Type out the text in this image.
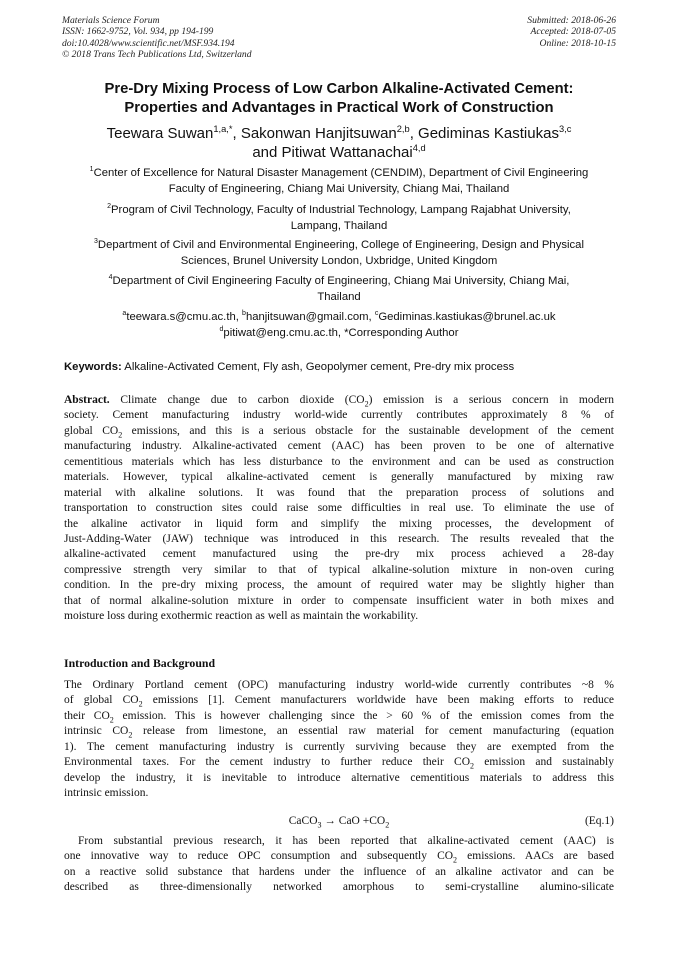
Materials Science Forum
ISSN: 1662-9752, Vol. 934, pp 194-199
doi:10.4028/www.scientific.net/MSF.934.194
© 2018 Trans Tech Publications Ltd, Switzerland
Submitted: 2018-06-26
Accepted: 2018-07-05
Online: 2018-10-15
Pre-Dry Mixing Process of Low Carbon Alkaline-Activated Cement:
Properties and Advantages in Practical Work of Construction
Teewara Suwan$^{1,a,*}$, Sakonwan Hanjitsuwan$^{2,b}$, Gediminas Kastiukas$^{3,c}$
and Pitiwat Wattanachai$^{4,d}$
$^1$Center of Excellence for Natural Disaster Management (CENDIM), Department of Civil Engineering
Faculty of Engineering, Chiang Mai University, Chiang Mai, Thailand
$^2$Program of Civil Technology, Faculty of Industrial Technology, Lampang Rajabhat University,
Lampang, Thailand
$^3$Department of Civil and Environmental Engineering, College of Engineering, Design and Physical
Sciences, Brunel University London, Uxbridge, United Kingdom
$^4$Department of Civil Engineering Faculty of Engineering, Chiang Mai University, Chiang Mai,
Thailand
$^a$teewara.s@cmu.ac.th, $^b$hanjitsuwan@gmail.com, $^c$Gediminas.kastiukas@brunel.ac.uk
$^d$pitiwat@eng.cmu.ac.th, *Corresponding Author
Keywords: Alkaline-Activated Cement, Fly ash, Geopolymer cement, Pre-dry mix process
Abstract. Climate change due to carbon dioxide $(CO_2)$ emission is a serious concern in modern
society. Cement manufacturing industry world-wide currently contributes approximately 8 % of
global $CO_2$ emissions, and this is a serious obstacle for the sustainable development of the cement
manufacturing industry. Alkaline-activated cement (AAC) has been proven to be one of alternative
cementitious materials which has less disturbance to the environment and can be used as construction
materials. However, typical alkaline-activated cement is generally manufactured by mixing raw
material with alkaline solutions. It was found that the preparation process of solutions and
transportation to construction sites could raise some difficulties in real use. To eliminate the use of
the alkaline activator in liquid form and simplify the mixing processes, the development of
Just-Adding-Water (JAW) technique was introduced in this research. The results revealed that the
alkaline-activated cement manufactured using the pre-dry mix process achieved a 28-day
compressive strength very similar to that of typical alkaline-solution mixture in non-oven curing
condition. In the pre-dry mixing process, the amount of required water may be slightly higher than
that of normal alkaline-solution mixture in order to compensate insufficient water in both mixes and
moisture loss during exothermic reaction as well as maintain the workability.
Introduction and Background
The Ordinary Portland cement (OPC) manufacturing industry world-wide currently contributes ~8 %
of global $CO_2$ emissions [1]. Cement manufacturers worldwide have been making efforts to reduce
their $CO_2$ emission. This is however challenging since the > 60 % of the emission comes from the
intrinsic $CO_2$ release from limestone, an essential raw material for cement manufacturing (equation
1). The cement manufacturing industry is currently surviving because they are exempted from the
Environmental taxes. For the cement industry to further reduce their $CO_2$ emission and sustainably
develop the industry, it is inevitable to introduce alternative cementitious materials to address this
intrinsic emission.
CaCO$_3$ → CaO $+CO_2$	(Eq.1)
From substantial previous research, it has been reported that alkaline-activated cement (AAC) is
one innovative way to reduce OPC consumption and subsequently $CO_2$ emissions. AACs are based
on a reactive solid substance that hardens under the influence of an alkaline activator and can be
described as three-dimensionally networked amorphous to semi-crystalline alumino-silicate
